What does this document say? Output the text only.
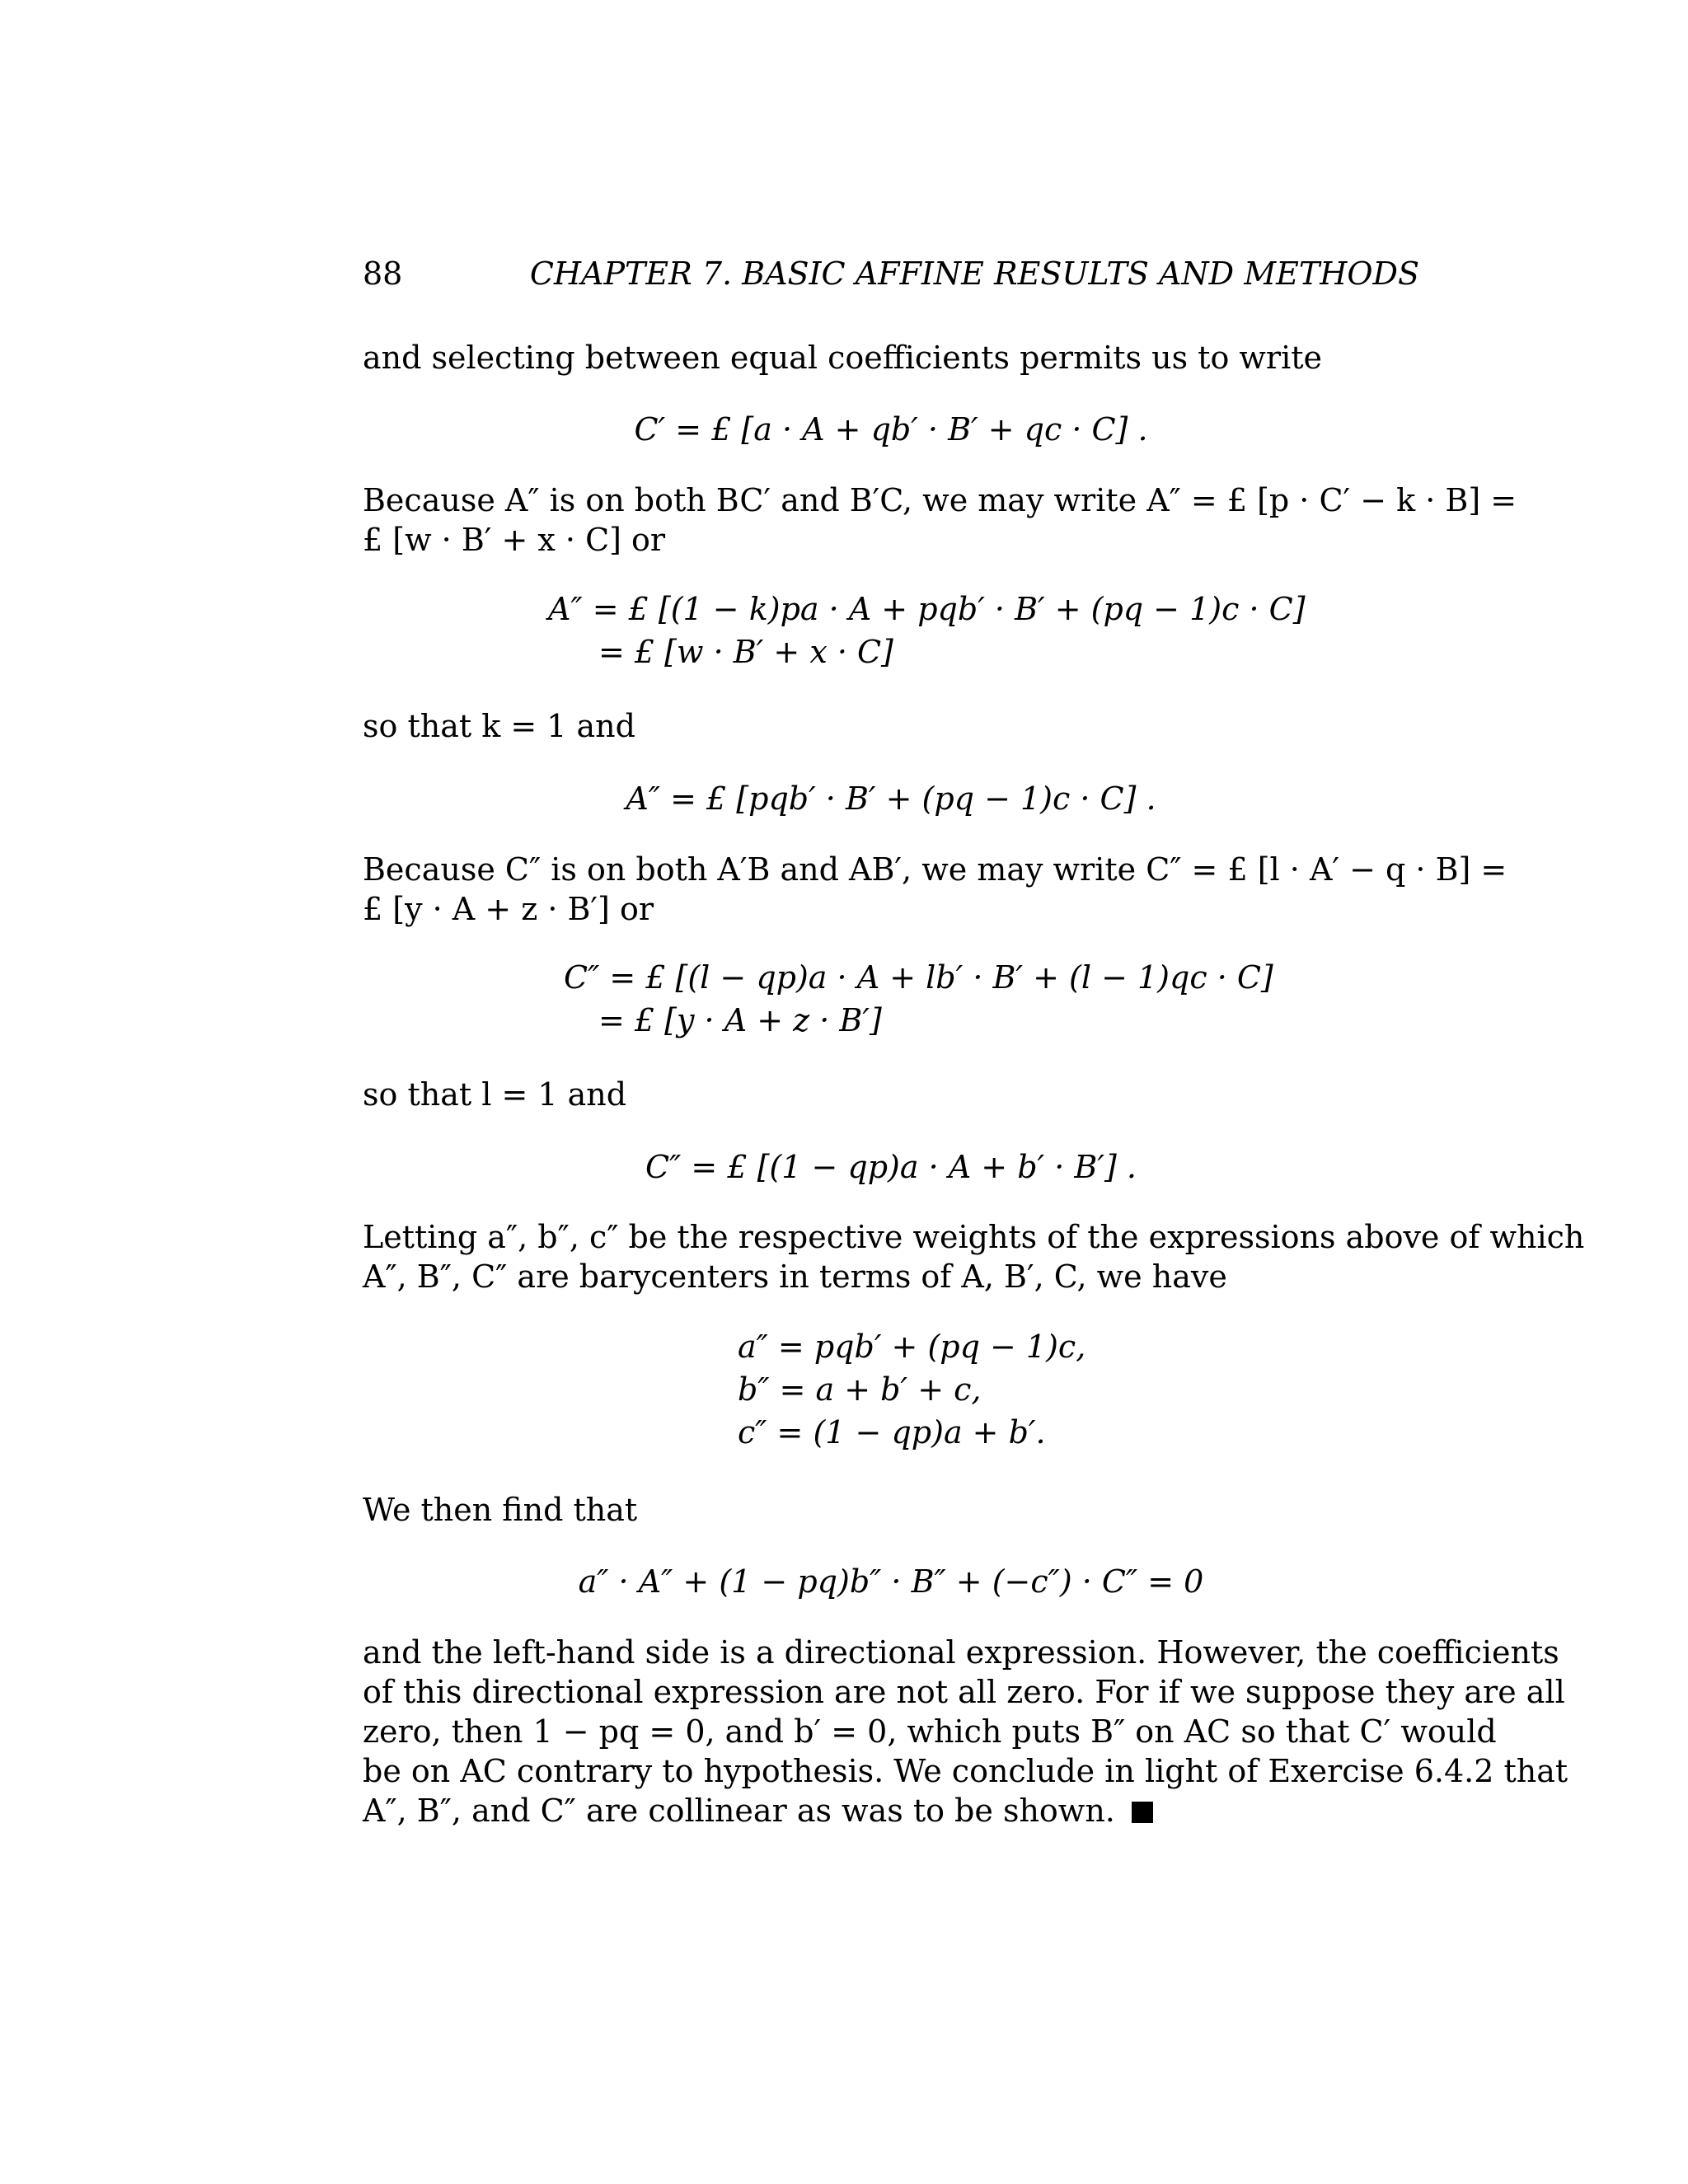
88	CHAPTER 7. BASIC AFFINE RESULTS AND METHODS
and selecting between equal coefficients permits us to write
C′ = £ [a · A + qb′ · B′ + qc · C] .
Because A″ is on both BC′ and B′C, we may write A″ = £ [p · C′ − k · B] =
£ [w · B′ + x · C] or
A″ = £ [(1 − k)pa · A + pqb′ · B′ + (pq − 1)c · C]
= £ [w · B′ + x · C]
so that k = 1 and
A″ = £ [pqb′ · B′ + (pq − 1)c · C] .
Because C″ is on both A′B and AB′, we may write C″ = £ [l · A′ − q · B] =
£ [y · A + z · B′] or
C″ = £ [(l − qp)a · A + lb′ · B′ + (l − 1)qc · C]
= £ [y · A + z · B′]
so that l = 1 and
C″ = £ [(1 − qp)a · A + b′ · B′] .
Letting a″, b″, c″ be the respective weights of the expressions above of which
A″, B″, C″ are barycenters in terms of A, B′, C, we have
a″ = pqb′ + (pq − 1)c,
b″ = a + b′ + c,
c″ = (1 − qp)a + b′.
We then find that
a″ · A″ + (1 − pq)b″ · B″ + (−c″) · C″ = 0
and the left-hand side is a directional expression. However, the coefficients
of this directional expression are not all zero. For if we suppose they are all
zero, then 1 − pq = 0, and b′ = 0, which puts B″ on AC so that C′ would
be on AC contrary to hypothesis. We conclude in light of Exercise 6.4.2 that
A″, B″, and C″ are collinear as was to be shown.
